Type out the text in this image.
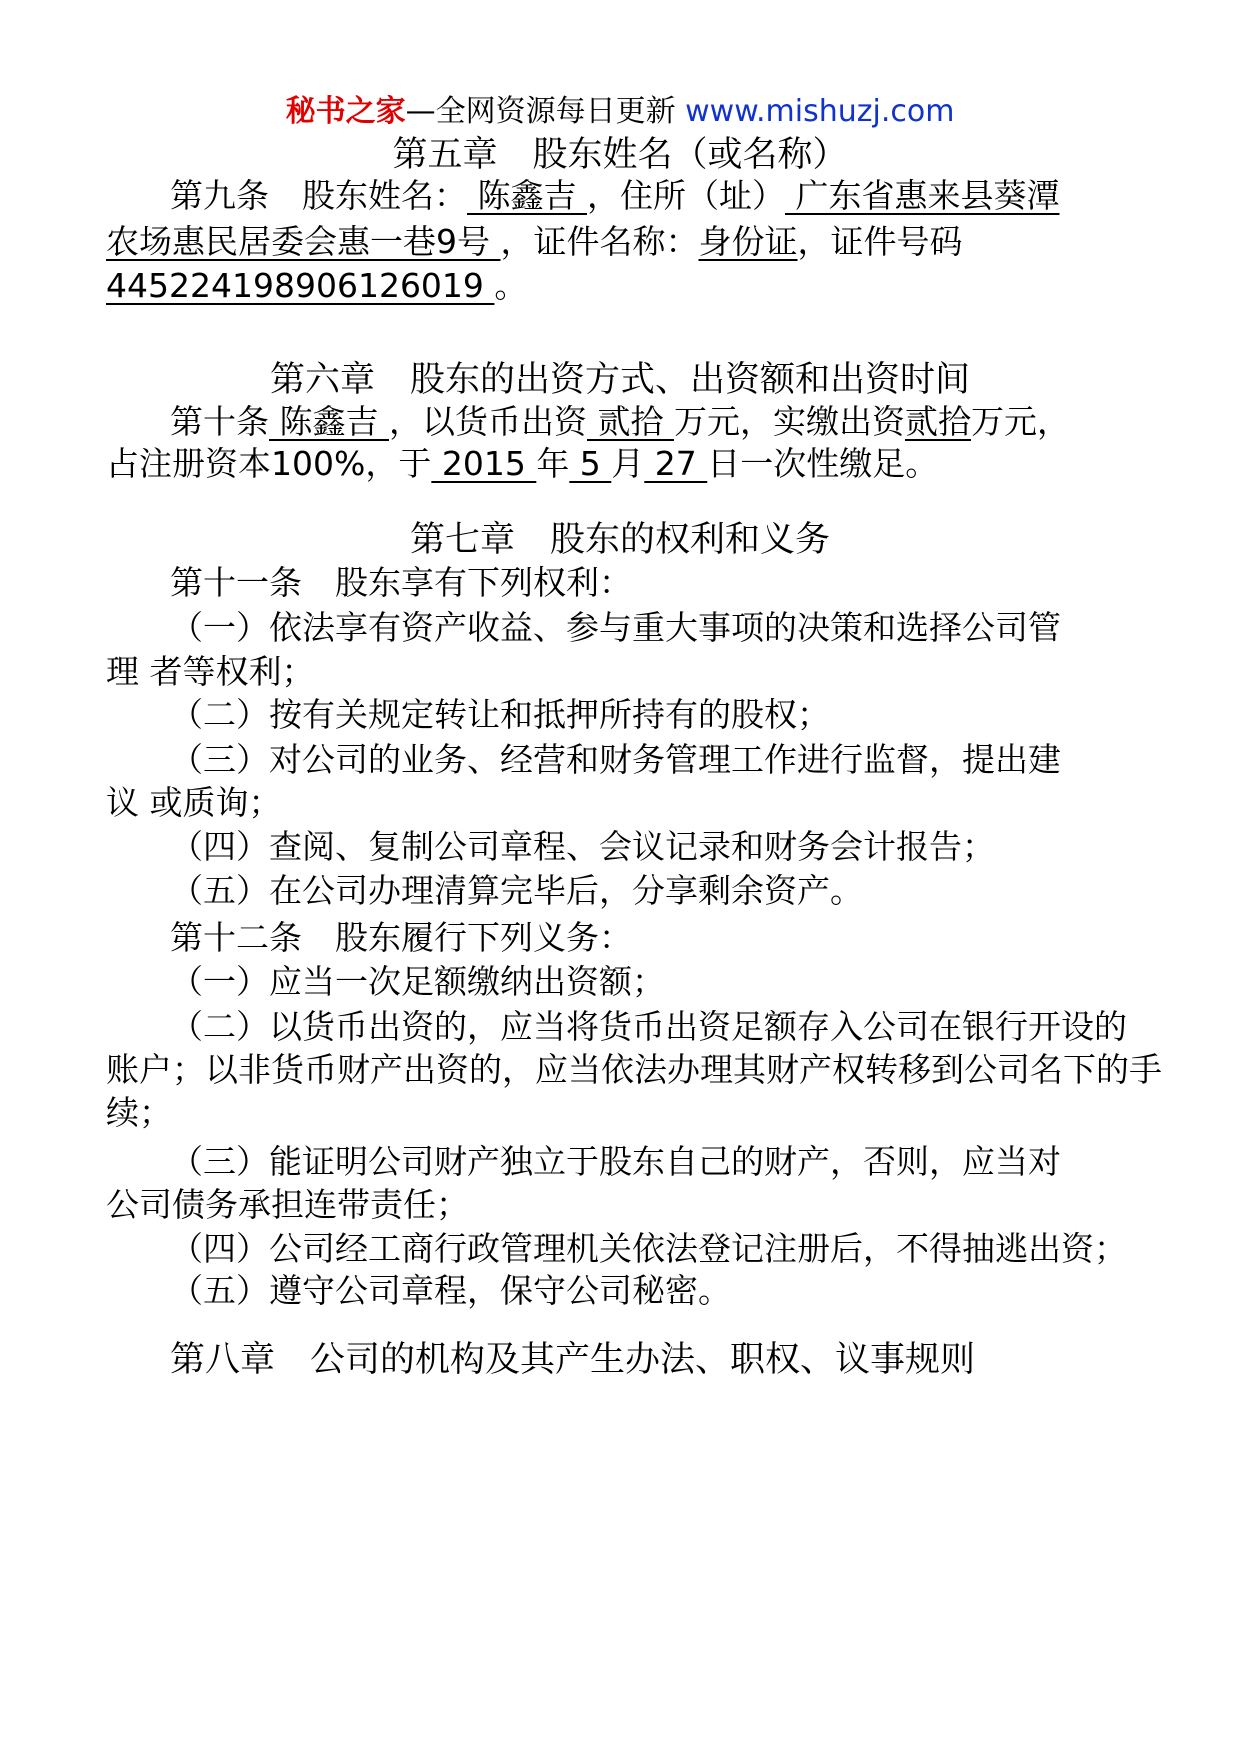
秘书之家—全网资源每日更新 www.mishuzj.com
第五章　股东姓名（或名称）
第九条　股东姓名： 陈鑫吉 ，住所（址） 广东省惠来县葵潭
农场惠民居委会惠一巷9号 ，证件名称：身份证，证件号码
445224198906126019 。
第六章　股东的出资方式、出资额和出资时间
第十条 陈鑫吉 ，以货币出资 贰拾 万元，实缴出资贰拾万元，
占注册资本100%，于 2015 年 5 月 27 日一次性缴足。
第七章　股东的权利和义务
第十一条　股东享有下列权利：
（一）依法享有资产收益、参与重大事项的决策和选择公司管
理 者等权利；
（二）按有关规定转让和抵押所持有的股权；
（三）对公司的业务、经营和财务管理工作进行监督，提出建
议 或质询；
（四）查阅、复制公司章程、会议记录和财务会计报告；
（五）在公司办理清算完毕后，分享剩余资产。
第十二条　股东履行下列义务：
（一）应当一次足额缴纳出资额；
（二）以货币出资的，应当将货币出资足额存入公司在银行开设的
账户；以非货币财产出资的，应当依法办理其财产权转移到公司名下的手
续；
（三）能证明公司财产独立于股东自己的财产，否则，应当对
公司债务承担连带责任；
（四）公司经工商行政管理机关依法登记注册后，不得抽逃出资；
（五）遵守公司章程，保守公司秘密。
第八章　公司的机构及其产生办法、职权、议事规则
